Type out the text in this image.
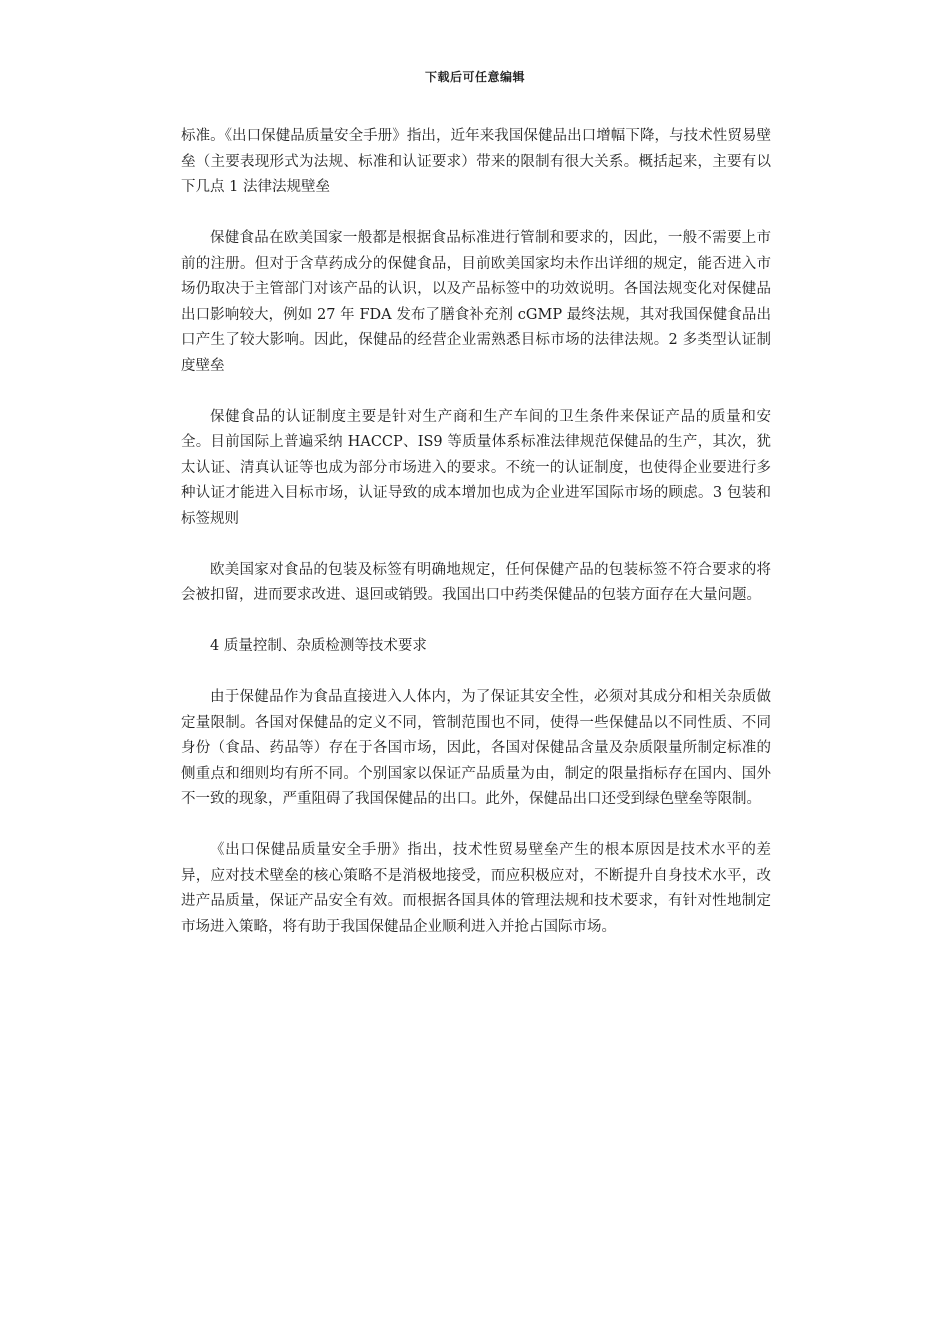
下载后可任意编辑

标准。《出口保健品质量安全手册》指出，近年来我国保健品出口增幅下降，与技术性贸易壁垒（主要表现形式为法规、标准和认证要求）带来的限制有很大关系。概括起来，主要有以下几点 1 法律法规壁垒

保健食品在欧美国家一般都是根据食品标准进行管制和要求的，因此，一般不需要上市前的注册。但对于含草药成分的保健食品，目前欧美国家均未作出详细的规定，能否进入市场仍取决于主管部门对该产品的认识，以及产品标签中的功效说明。各国法规变化对保健品出口影响较大，例如 27 年 FDA 发布了膳食补充剂 cGMP 最终法规，其对我国保健食品出口产生了较大影响。因此，保健品的经营企业需熟悉目标市场的法律法规。2 多类型认证制度壁垒

保健食品的认证制度主要是针对生产商和生产车间的卫生条件来保证产品的质量和安全。目前国际上普遍采纳 HACCP、IS9 等质量体系标准法律规范保健品的生产，其次，犹太认证、清真认证等也成为部分市场进入的要求。不统一的认证制度，也使得企业要进行多种认证才能进入目标市场，认证导致的成本增加也成为企业进军国际市场的顾虑。3 包装和标签规则

欧美国家对食品的包装及标签有明确地规定，任何保健产品的包装标签不符合要求的将会被扣留，进而要求改进、退回或销毁。我国出口中药类保健品的包装方面存在大量问题。

4 质量控制、杂质检测等技术要求

由于保健品作为食品直接进入人体内，为了保证其安全性，必须对其成分和相关杂质做定量限制。各国对保健品的定义不同，管制范围也不同，使得一些保健品以不同性质、不同身份（食品、药品等）存在于各国市场，因此，各国对保健品含量及杂质限量所制定标准的侧重点和细则均有所不同。个别国家以保证产品质量为由，制定的限量指标存在国内、国外不一致的现象，严重阻碍了我国保健品的出口。此外，保健品出口还受到绿色壁垒等限制。

《出口保健品质量安全手册》指出，技术性贸易壁垒产生的根本原因是技术水平的差异，应对技术壁垒的核心策略不是消极地接受，而应积极应对，不断提升自身技术水平，改进产品质量，保证产品安全有效。而根据各国具体的管理法规和技术要求，有针对性地制定市场进入策略，将有助于我国保健品企业顺利进入并抢占国际市场。
